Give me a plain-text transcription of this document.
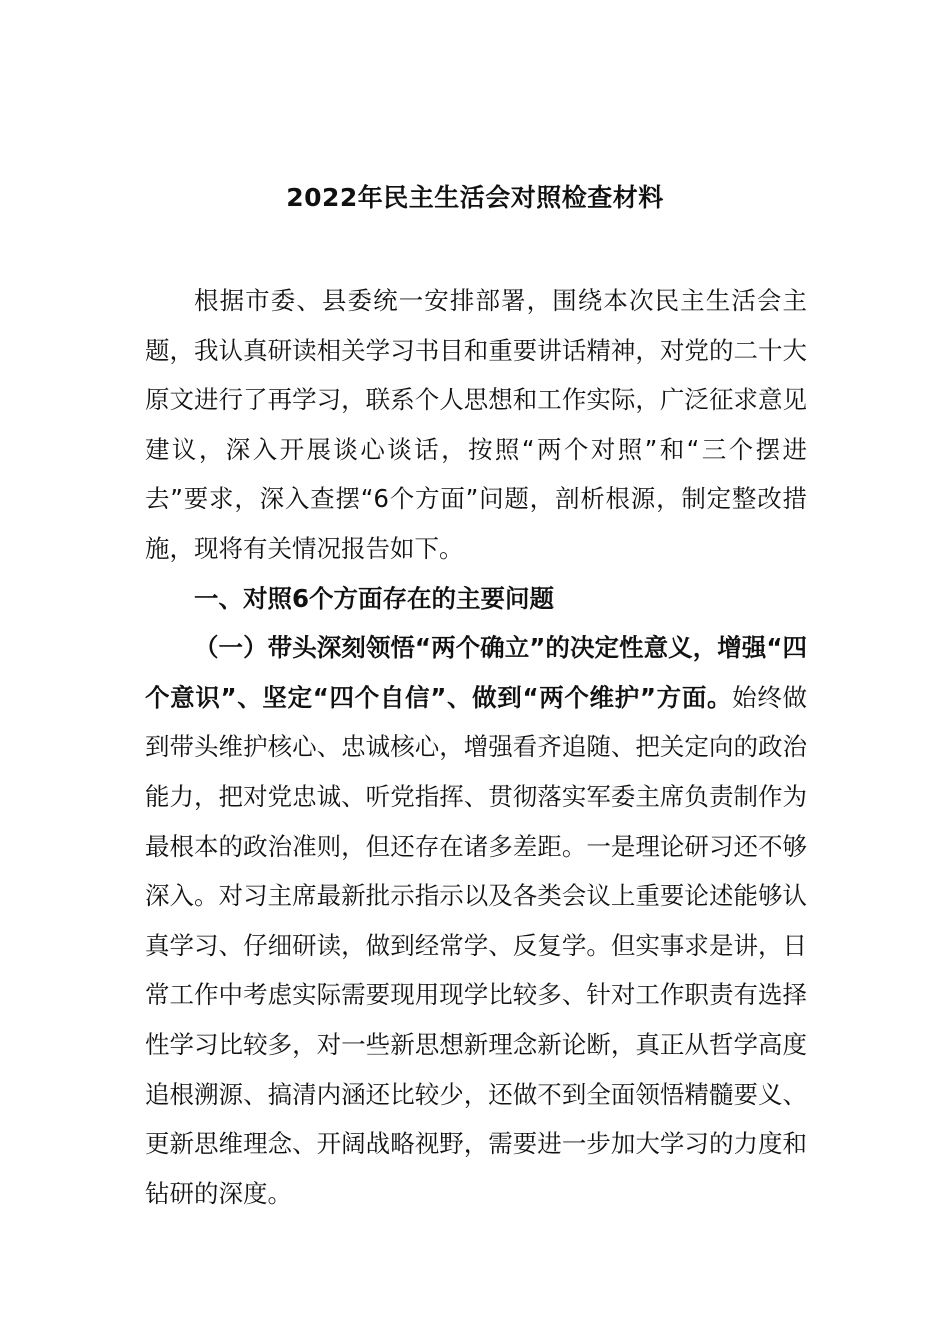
2022年民主生活会对照检查材料

根据市委、县委统一安排部署，围绕本次民主生活会主题，我认真研读相关学习书目和重要讲话精神，对党的二十大原文进行了再学习，联系个人思想和工作实际，广泛征求意见建议，深入开展谈心谈话，按照“两个对照”和“三个摆进去”要求，深入查摆“6个方面”问题，剖析根源，制定整改措施，现将有关情况报告如下。

一、对照6个方面存在的主要问题

（一）带头深刻领悟“两个确立”的决定性意义，增强“四个意识”、坚定“四个自信”、做到“两个维护”方面。始终做到带头维护核心、忠诚核心，增强看齐追随、把关定向的政治能力，把对党忠诚、听党指挥、贯彻落实军委主席负责制作为最根本的政治准则，但还存在诸多差距。一是理论研习还不够深入。对习主席最新批示指示以及各类会议上重要论述能够认真学习、仔细研读，做到经常学、反复学。但实事求是讲，日常工作中考虑实际需要现用现学比较多、针对工作职责有选择性学习比较多，对一些新思想新理念新论断，真正从哲学高度追根溯源、搞清内涵还比较少，还做不到全面领悟精髓要义、更新思维理念、开阔战略视野，需要进一步加大学习的力度和钻研的深度。
